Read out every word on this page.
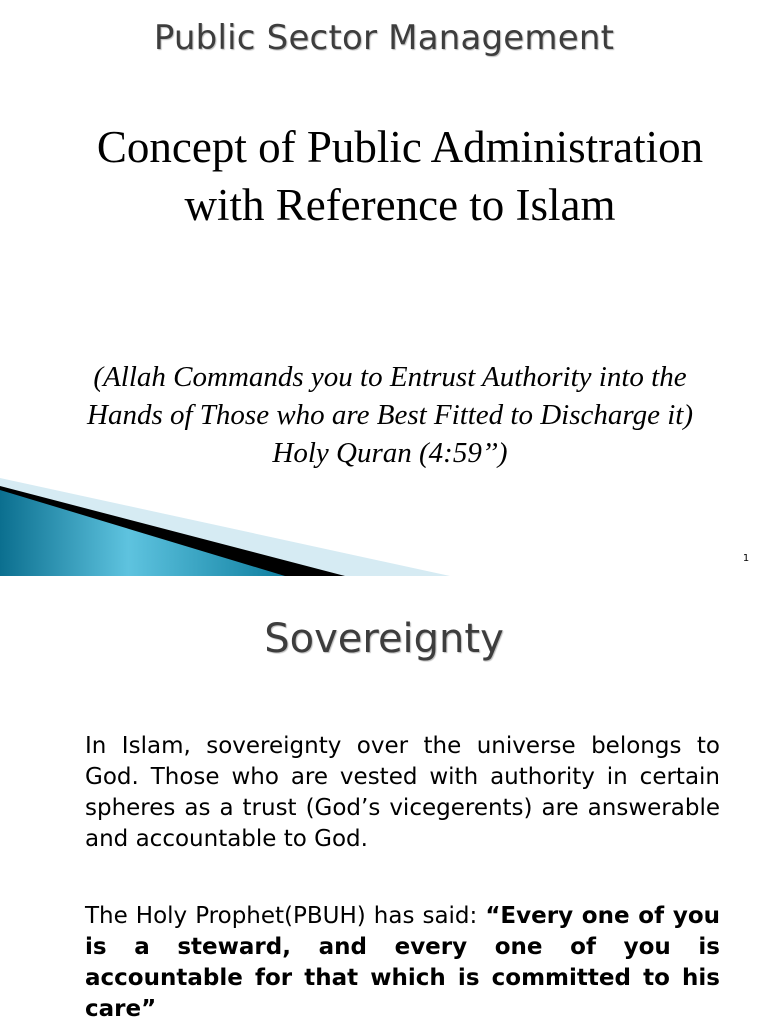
Public Sector Management
Concept of Public Administration with Reference to Islam
(Allah Commands you to Entrust Authority into the Hands of Those who are Best Fitted to Discharge it) Holy Quran (4:59’’)
1
Sovereignty

In Islam, sovereignty over the universe belongs to God. Those who are vested with authority in certain spheres as a trust (God’s vicegerents) are answerable and accountable to God.

The Holy Prophet(PBUH) has said: “Every one of you is a steward, and every one of you is accountable for that which is committed to his care”
